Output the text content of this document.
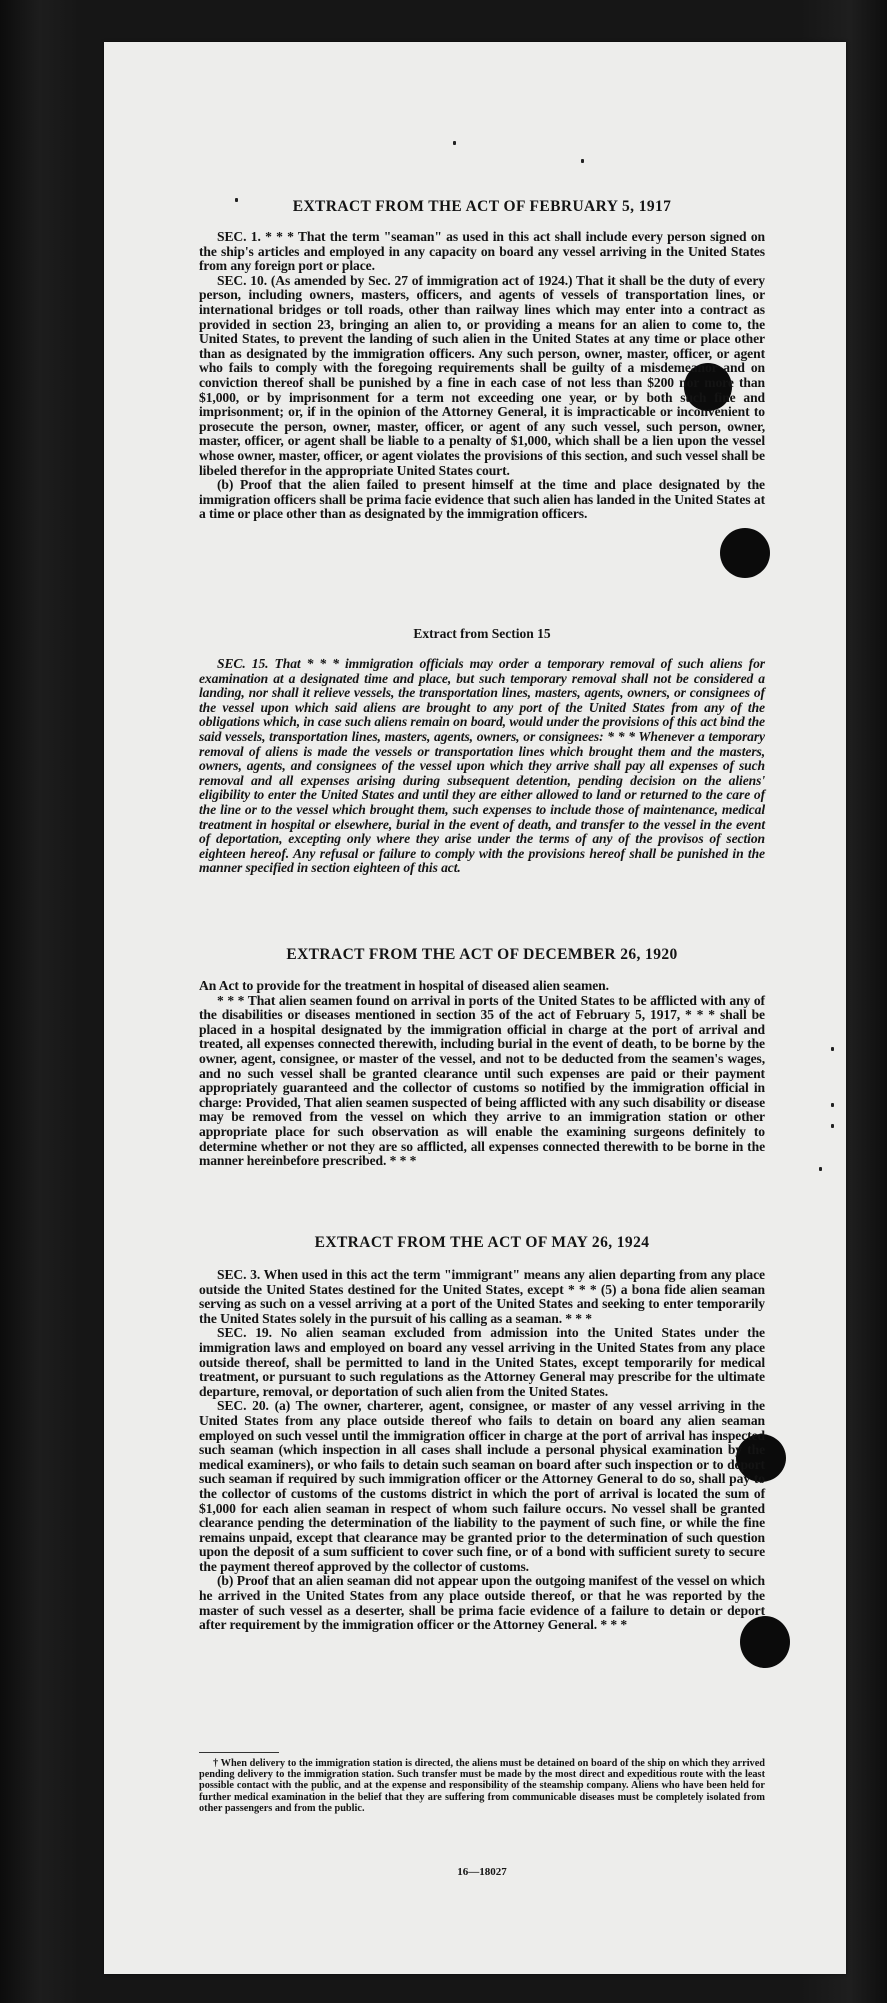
EXTRACT FROM THE ACT OF FEBRUARY 5, 1917

SEC. 1. * * * That the term "seaman" as used in this act shall include every person signed on the ship's articles and employed in any capacity on board any vessel arriving in the United States from any foreign port or place.

SEC. 10. (As amended by Sec. 27 of immigration act of 1924.) That it shall be the duty of every person, including owners, masters, officers, and agents of vessels of transportation lines, or international bridges or toll roads, other than railway lines which may enter into a contract as provided in section 23, bringing an alien to, or providing a means for an alien to come to, the United States, to prevent the landing of such alien in the United States at any time or place other than as designated by the immigration officers. Any such person, owner, master, officer, or agent who fails to comply with the foregoing requirements shall be guilty of a misdemeanor and on conviction thereof shall be punished by a fine in each case of not less than $200 nor more than $1,000, or by imprisonment for a term not exceeding one year, or by both such fine and imprisonment; or, if in the opinion of the Attorney General, it is impracticable or inconvenient to prosecute the person, owner, master, officer, or agent of any such vessel, such person, owner, master, officer, or agent shall be liable to a penalty of $1,000, which shall be a lien upon the vessel whose owner, master, officer, or agent violates the provisions of this section, and such vessel shall be libeled therefor in the appropriate United States court.

(b) Proof that the alien failed to present himself at the time and place designated by the immigration officers shall be prima facie evidence that such alien has landed in the United States at a time or place other than as designated by the immigration officers.

Extract from Section 15

SEC. 15. That * * * immigration officials may order a temporary removal of such aliens for examination at a designated time and place, but such temporary removal shall not be considered a landing, nor shall it relieve vessels, the transportation lines, masters, agents, owners, or consignees of the vessel upon which said aliens are brought to any port of the United States from any of the obligations which, in case such aliens remain on board, would under the provisions of this act bind the said vessels, transportation lines, masters, agents, owners, or consignees: * * * Whenever a temporary removal of aliens is made the vessels or transportation lines which brought them and the masters, owners, agents, and consignees of the vessel upon which they arrive shall pay all expenses of such removal and all expenses arising during subsequent detention, pending decision on the aliens' eligibility to enter the United States and until they are either allowed to land or returned to the care of the line or to the vessel which brought them, such expenses to include those of maintenance, medical treatment in hospital or elsewhere, burial in the event of death, and transfer to the vessel in the event of deportation, excepting only where they arise under the terms of any of the provisos of section eighteen hereof. Any refusal or failure to comply with the provisions hereof shall be punished in the manner specified in section eighteen of this act.

EXTRACT FROM THE ACT OF DECEMBER 26, 1920

An Act to provide for the treatment in hospital of diseased alien seamen.

* * * That alien seamen found on arrival in ports of the United States to be afflicted with any of the disabilities or diseases mentioned in section 35 of the act of February 5, 1917, * * * shall be placed in a hospital designated by the immigration official in charge at the port of arrival and treated, all expenses connected therewith, including burial in the event of death, to be borne by the owner, agent, consignee, or master of the vessel, and not to be deducted from the seamen's wages, and no such vessel shall be granted clearance until such expenses are paid or their payment appropriately guaranteed and the collector of customs so notified by the immigration official in charge: Provided, That alien seamen suspected of being afflicted with any such disability or disease may be removed from the vessel on which they arrive to an immigration station or other appropriate place for such observation as will enable the examining surgeons definitely to determine whether or not they are so afflicted, all expenses connected therewith to be borne in the manner hereinbefore prescribed. * * *

EXTRACT FROM THE ACT OF MAY 26, 1924

SEC. 3. When used in this act the term "immigrant" means any alien departing from any place outside the United States destined for the United States, except * * * (5) a bona fide alien seaman serving as such on a vessel arriving at a port of the United States and seeking to enter temporarily the United States solely in the pursuit of his calling as a seaman. * * *

SEC. 19. No alien seaman excluded from admission into the United States under the immigration laws and employed on board any vessel arriving in the United States from any place outside thereof, shall be permitted to land in the United States, except temporarily for medical treatment, or pursuant to such regulations as the Attorney General may prescribe for the ultimate departure, removal, or deportation of such alien from the United States.

SEC. 20. (a) The owner, charterer, agent, consignee, or master of any vessel arriving in the United States from any place outside thereof who fails to detain on board any alien seaman employed on such vessel until the immigration officer in charge at the port of arrival has inspected such seaman (which inspection in all cases shall include a personal physical examination by the medical examiners), or who fails to detain such seaman on board after such inspection or to deport such seaman if required by such immigration officer or the Attorney General to do so, shall pay to the collector of customs of the customs district in which the port of arrival is located the sum of $1,000 for each alien seaman in respect of whom such failure occurs. No vessel shall be granted clearance pending the determination of the liability to the payment of such fine, or while the fine remains unpaid, except that clearance may be granted prior to the determination of such question upon the deposit of a sum sufficient to cover such fine, or of a bond with sufficient surety to secure the payment thereof approved by the collector of customs.

(b) Proof that an alien seaman did not appear upon the outgoing manifest of the vessel on which he arrived in the United States from any place outside thereof, or that he was reported by the master of such vessel as a deserter, shall be prima facie evidence of a failure to detain or deport after requirement by the immigration officer or the Attorney General. * * *

† When delivery to the immigration station is directed, the aliens must be detained on board of the ship on which they arrived pending delivery to the immigration station. Such transfer must be made by the most direct and expeditious route with the least possible contact with the public, and at the expense and responsibility of the steamship company. Aliens who have been held for further medical examination in the belief that they are suffering from communicable diseases must be completely isolated from other passengers and from the public.

16—18027
